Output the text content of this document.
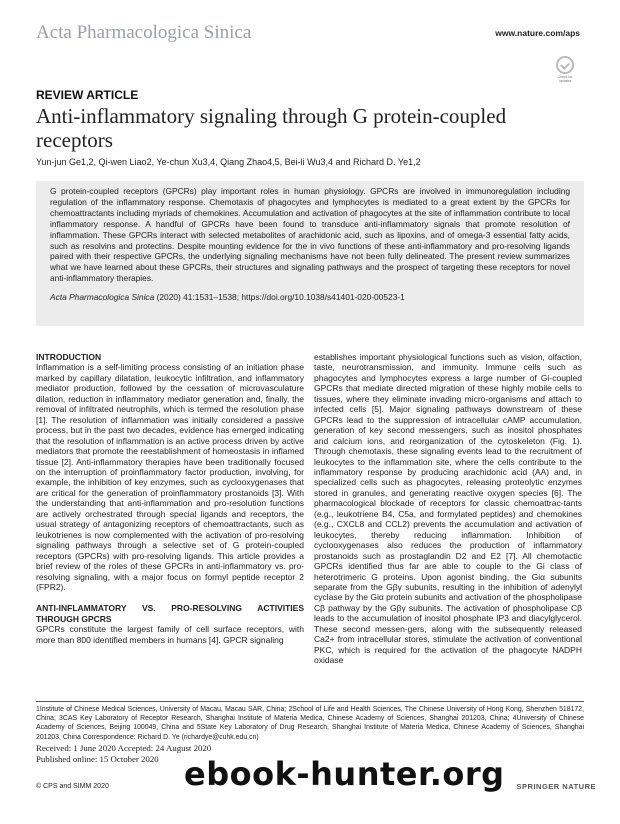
Acta Pharmacologica Sinica	www.nature.com/aps
Check for updates
REVIEW ARTICLE
Anti-inflammatory signaling through G protein-coupled receptors
Yun-jun Ge1,2, Qi-wen Liao2, Ye-chun Xu3,4, Qiang Zhao4,5, Bei-li Wu3,4 and Richard D. Ye1,2

G protein-coupled receptors (GPCRs) play important roles in human physiology. GPCRs are involved in immunoregulation including regulation of the inflammatory response. Chemotaxis of phagocytes and lymphocytes is mediated to a great extent by the GPCRs for chemoattractants including myriads of chemokines. Accumulation and activation of phagocytes at the site of inflammation contribute to local inflammatory response. A handful of GPCRs have been found to transduce anti-inflammatory signals that promote resolution of inflammation. These GPCRs interact with selected metabolites of arachidonic acid, such as lipoxins, and of omega-3 essential fatty acids, such as resolvins and protectins. Despite mounting evidence for the in vivo functions of these anti-inflammatory and pro-resolving ligands paired with their respective GPCRs, the underlying signaling mechanisms have not been fully delineated. The present review summarizes what we have learned about these GPCRs, their structures and signaling pathways and the prospect of targeting these receptors for novel anti-inflammatory therapies.

Acta Pharmacologica Sinica (2020) 41:1531–1538; https://doi.org/10.1038/s41401-020-00523-1

INTRODUCTION

Inflammation is a self-limiting process consisting of an initiation phase marked by capillary dilatation, leukocytic infiltration, and inflammatory mediator production, followed by the cessation of microvasculature dilation, reduction in inflammatory mediator generation and, finally, the removal of infiltrated neutrophils, which is termed the resolution phase [1]. The resolution of inflammation was initially considered a passive process, but in the past two decades, evidence has emerged indicating that the resolution of inflammation is an active process driven by active mediators that promote the reestablishment of homeostasis in inflamed tissue [2]. Anti-inflammatory therapies have been traditionally focused on the interruption of proinflammatory factor production, involving, for example, the inhibition of key enzymes, such as cyclooxygenases that are critical for the generation of proinflammatory prostanoids [3]. With the understanding that anti-inflammation and pro-resolution functions are actively orchestrated through special ligands and receptors, the usual strategy of antagonizing receptors of chemoattractants, such as leukotrienes is now complemented with the activation of pro-resolving signaling pathways through a selective set of G protein-coupled receptors (GPCRs) with pro-resolving ligands. This article provides a brief review of the roles of these GPCRs in anti-inflammatory vs. pro-resolving signaling, with a major focus on formyl peptide receptor 2 (FPR2).

ANTI-INFLAMMATORY VS. PRO-RESOLVING ACTIVITIES THROUGH GPCRS

GPCRs constitute the largest family of cell surface receptors, with more than 800 identified members in humans [4]. GPCR signaling

establishes important physiological functions such as vision, olfaction, taste, neurotransmission, and immunity. Immune cells such as phagocytes and lymphocytes express a large number of Gi-coupled GPCRs that mediate directed migration of these highly mobile cells to tissues, where they eliminate invading micro-organisms and attach to infected cells [5]. Major signaling pathways downstream of these GPCRs lead to the suppression of intracellular cAMP accumulation, generation of key second messengers, such as inositol phosphates and calcium ions, and reorganization of the cytoskeleton (Fig. 1). Through chemotaxis, these signaling events lead to the recruitment of leukocytes to the inflammation site, where the cells contribute to the inflammatory response by producing arachidonic acid (AA) and, in specialized cells such as phagocytes, releasing proteolytic enzymes stored in granules, and generating reactive oxygen species [6]. The pharmacological blockade of receptors for classic chemoattrac-tants (e.g., leukotriene B4, C5a, and formylated peptides) and chemokines (e.g., CXCL8 and CCL2) prevents the accumulation and activation of leukocytes, thereby reducing inflammation. Inhibition of cyclooxygenases also reduces the production of inflammatory prostanoids such as prostaglandin D2 and E2 [7]. All chemotactic GPCRs identified thus far are able to couple to the Gi class of heterotrimeric G proteins. Upon agonist binding, the Giα subunits separate from the Gβγ subunits, resulting in the inhibition of adenylyl cyclase by the Giα protein subunits and activation of the phospholipase Cβ pathway by the Gβγ subunits. The activation of phospholipase Cβ leads to the accumulation of inositol phosphate IP3 and diacylglycerol. These second messen-gers, along with the subsequently released Ca2+ from intracellular stores, stimulate the activation of conventional PKC, which is required for the activation of the phagocyte NADPH oxidase

1Institute of Chinese Medical Sciences, University of Macau, Macau SAR, China; 2School of Life and Health Sciences, The Chinese University of Hong Kong, Shenzhen 518172, China; 3CAS Key Laboratory of Receptor Research, Shanghai Institute of Materia Medica, Chinese Academy of Sciences, Shanghai 201203, China; 4University of Chinese Academy of Sciences, Beijing 100049, China and 5State Key Laboratory of Drug Research, Shanghai Institute of Materia Medica, Chinese Academy of Sciences, Shanghai 201203, China Correspondence: Richard D. Ye (richardye@cuhk.edu.cn)
Received: 1 June 2020 Accepted: 24 August 2020
Published online: 15 October 2020
© CPS and SIMM 2020	SPRINGER NATURE
ebook-hunter.org
